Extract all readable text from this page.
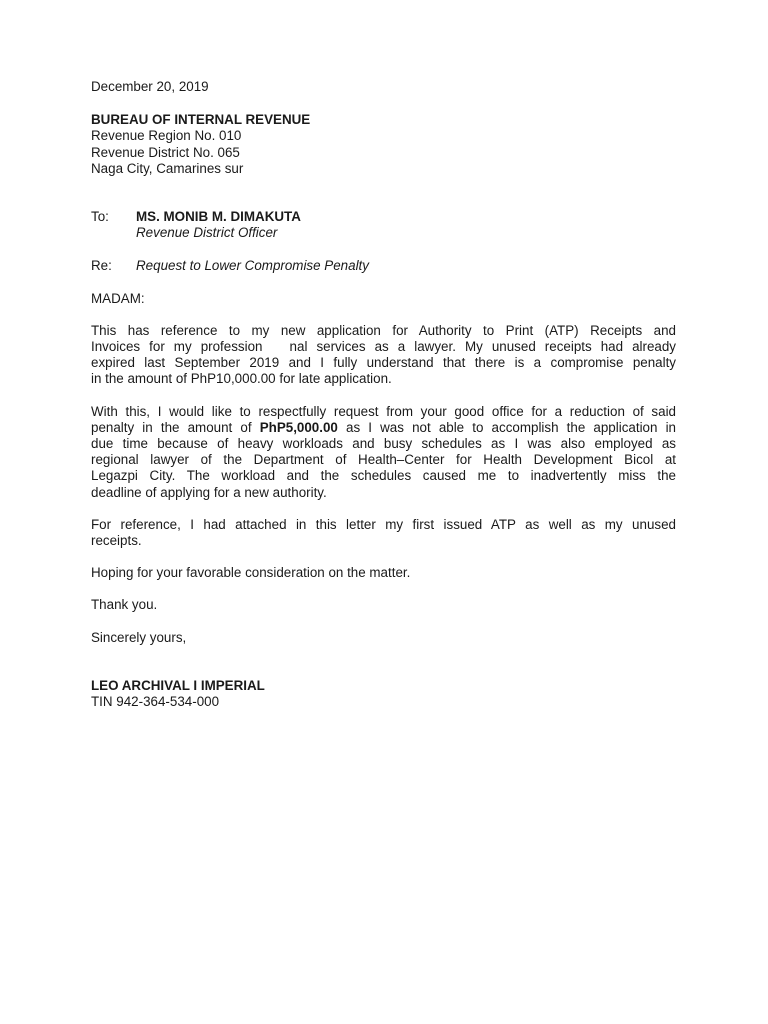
December 20, 2019
BUREAU OF INTERNAL REVENUE
Revenue Region No. 010
Revenue District No. 065
Naga City, Camarines sur
To:	MS. MONIB M. DIMAKUTA
Revenue District Officer
Re:	Request to Lower Compromise Penalty
MADAM:
This has reference to my new application for Authority to Print (ATP) Receipts and
Invoices for my profession   nal services as a lawyer. My unused receipts had already
expired last September 2019 and I fully understand that there is a compromise penalty
in the amount of PhP10,000.00 for late application.
With this, I would like to respectfully request from your good office for a reduction of said
penalty in the amount of PhP5,000.00 as I was not able to accomplish the application in
due time because of heavy workloads and busy schedules as I was also employed as
regional lawyer of the Department of Health–Center for Health Development Bicol at
Legazpi City. The workload and the schedules caused me to inadvertently miss the
deadline of applying for a new authority.
For reference, I had attached in this letter my first issued ATP as well as my unused
receipts.
Hoping for your favorable consideration on the matter.
Thank you.
Sincerely yours,
LEO ARCHIVAL I IMPERIAL
TIN 942-364-534-000
